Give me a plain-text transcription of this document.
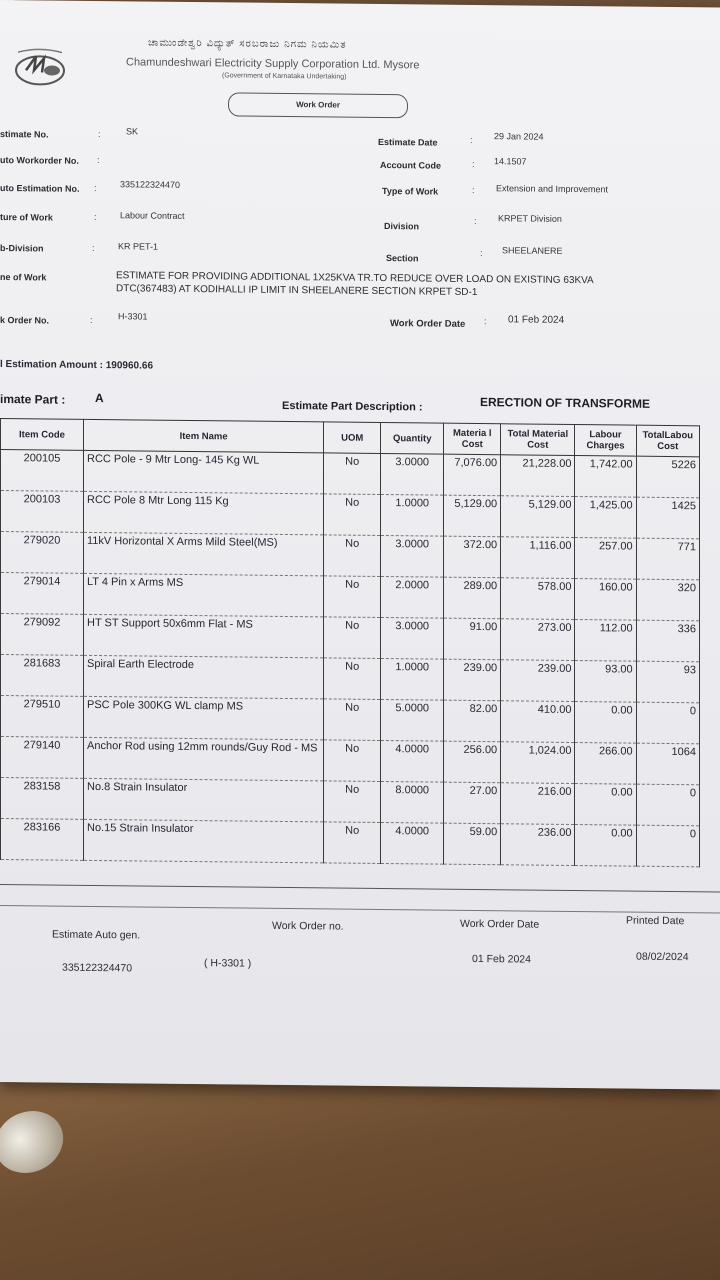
ಚಾಮುಂಡೇಶ್ವರಿ ವಿದ್ಯುತ್ ಸರಬರಾಜು ನಿಗಮ ನಿಯಮಿತ
Chamundeshwari Electricity Supply Corporation Ltd. Mysore
(Government of Karnataka Undertaking)
Work Order
stimate No.	:	SK
uto Workorder No. :
uto Estimation No. :	335122324470
ture of Work	:	Labour Contract
b-Division	:	KR PET-1
ne of Work	ESTIMATE FOR PROVIDING ADDITIONAL 1X25KVA TR.TO REDUCE OVER LOAD ON EXISTING 63KVA DTC(367483) AT KODIHALLI IP LIMIT IN SHEELANERE SECTION KRPET SD-1
k Order No.	:	H-3301
l Estimation Amount : 190960.66
Estimate Date	: 29 Jan 2024
Account Code	: 14.1507
Type of Work	: Extension and Improvement
Division
: KRPET Division
Section
: SHEELANERE
Work Order Date : 01 Feb 2024
imate Part : A
Estimate Part Description :	ERECTION OF TRANSFORME
Item Code	Item Name	UOM	Quantity	Materia l Cost	Total Material Cost	Labour Charges	TotalLabou Cost
200105	RCC Pole - 9 Mtr Long- 145 Kg WL	No	3.0000	7,076.00	21,228.00	1,742.00	5226
200103	RCC Pole 8 Mtr Long 115 Kg	No	1.0000	5,129.00	5,129.00	1,425.00	1425
279020	11kV Horizontal X Arms Mild Steel(MS)	No	3.0000	372.00	1,116.00	257.00	771
279014	LT 4 Pin x Arms MS	No	2.0000	289.00	578.00	160.00	320
279092	HT ST Support 50x6mm Flat - MS	No	3.0000	91.00	273.00	112.00	336
281683	Spiral Earth Electrode	No	1.0000	239.00	239.00	93.00	93
279510	PSC Pole 300KG WL clamp MS	No	5.0000	82.00	410.00	0.00	0
279140	Anchor Rod using 12mm rounds/Guy Rod - MS	No	4.0000	256.00	1,024.00	266.00	1064
283158	No.8 Strain Insulator	No	8.0000	27.00	216.00	0.00	0
283166	No.15 Strain Insulator	No	4.0000	59.00	236.00	0.00	0
Estimate Auto gen.
335122324470
Work Order no.
( H-3301 )
Work Order Date
01 Feb 2024
Printed Date
08/02/2024
